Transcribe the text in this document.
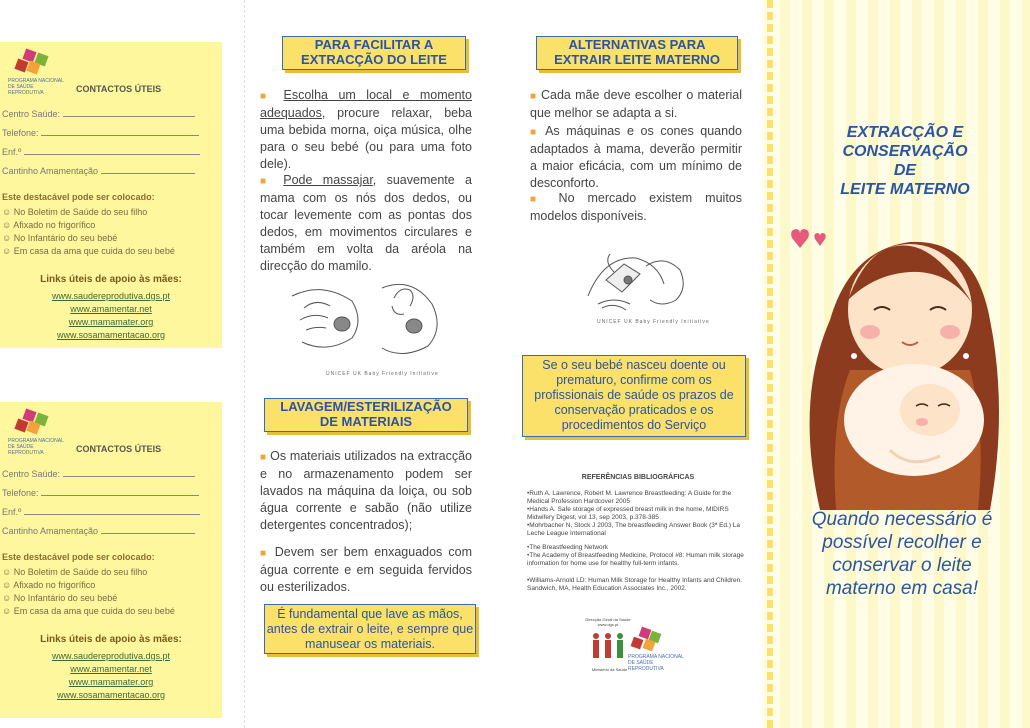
PROGRAMA NACIONAL
DE SAÚDE REPRODUTIVA	CONTACTOS ÚTEIS
Centro Saúde:
Telefone:
Enf.º
Cantinho Amamentação
Este destacável pode ser colocado:
☺ No Boletim de Saúde do seu filho
☺ Afixado no frigorífico
☺ No Infantário do seu bebé
☺ Em casa da ama que cuida do seu bebé
Links úteis de apoio às mães:
www.saudereprodutiva.dgs.pt
www.amamentar.net
www.mamamater.org
www.sosamamentacao.org
PROGRAMA NACIONAL
DE SAÚDE REPRODUTIVA	CONTACTOS ÚTEIS
Centro Saúde:
Telefone:
Enf.º
Cantinho Amamentação
Este destacável pode ser colocado:
☺ No Boletim de Saúde do seu filho
☺ Afixado no frigorífico
☺ No Infantário do seu bebé
☺ Em casa da ama que cuida do seu bebé
Links úteis de apoio às mães:
www.saudereprodutiva.dgs.pt
www.amamentar.net
www.mamamater.org
www.sosamamentacao.org
PARA FACILITAR A
EXTRACÇÃO DO LEITE
■ Escolha um local e momento adequados, procure relaxar, beba uma bebida morna, oiça música, olhe para o seu bebé (ou para uma foto dele).
■ Pode massajar, suavemente a mama com os nós dos dedos, ou tocar levemente com as pontas dos dedos, em movimentos circulares e também em volta da aréola na direcção do mamilo.
UNICEF UK Baby Friendly Initiative
LAVAGEM/ESTERILIZAÇÃO
DE MATERIAIS
■ Os materiais utilizados na extracção e no armazenamento podem ser lavados na máquina da loiça, ou sob água corrente e sabão (não utilize detergentes concentrados);
■ Devem ser bem enxaguados com água corrente e em seguida fervidos ou esterilizados.
É fundamental que lave as mãos, antes de extrair o leite, e sempre que manusear os materiais.
ALTERNATIVAS PARA
EXTRAIR LEITE MATERNO
■ Cada mãe deve escolher o material que melhor se adapta a si.
■ As máquinas e os cones quando adaptados à mama, deverão permitir a maior eficácia, com um mínimo de desconforto.
■ No mercado existem muitos modelos disponíveis.
UNICEF UK Baby Friendly Initiative
Se o seu bebé nasceu doente ou prematuro, confirme com os profissionais de saúde os prazos de conservação praticados e os procedimentos do Serviço
REFERÊNCIAS BIBLIOGRÁFICAS
•Ruth A. Lawrence, Robert M. Lawrence Breastfeeding: A Guide for the Medical Profession Hardcover 2005
•Hands A. Safe storage of expressed breast milk in the home, MIDIRS Midwifery Digest, vol 13, sep 2003, p.378-385
•Mohrbacher N, Stock J 2003, The breastfeeding Answer Book (3ª Ed.) La Leche League International
•The Breastfeeding Network
•The Academy of Breastfeeding Medicine, Protocol #8: Human milk storage information for home use for healthy full-term infants.
•Williams-Arnold LD: Human Milk Storage for Healthy Infants and Children. Sandwich, MA, Health Education Associates Inc., 2002.
Direcção-Geral da Saúde
www.dgs.pt
Ministério da Saúde
PROGRAMA NACIONAL
DE SAÚDE REPRODUTIVA
EXTRACÇÃO E
CONSERVAÇÃO
DE
LEITE MATERNO
Quando necessário é
possível recolher e
conservar o leite
materno em casa!
